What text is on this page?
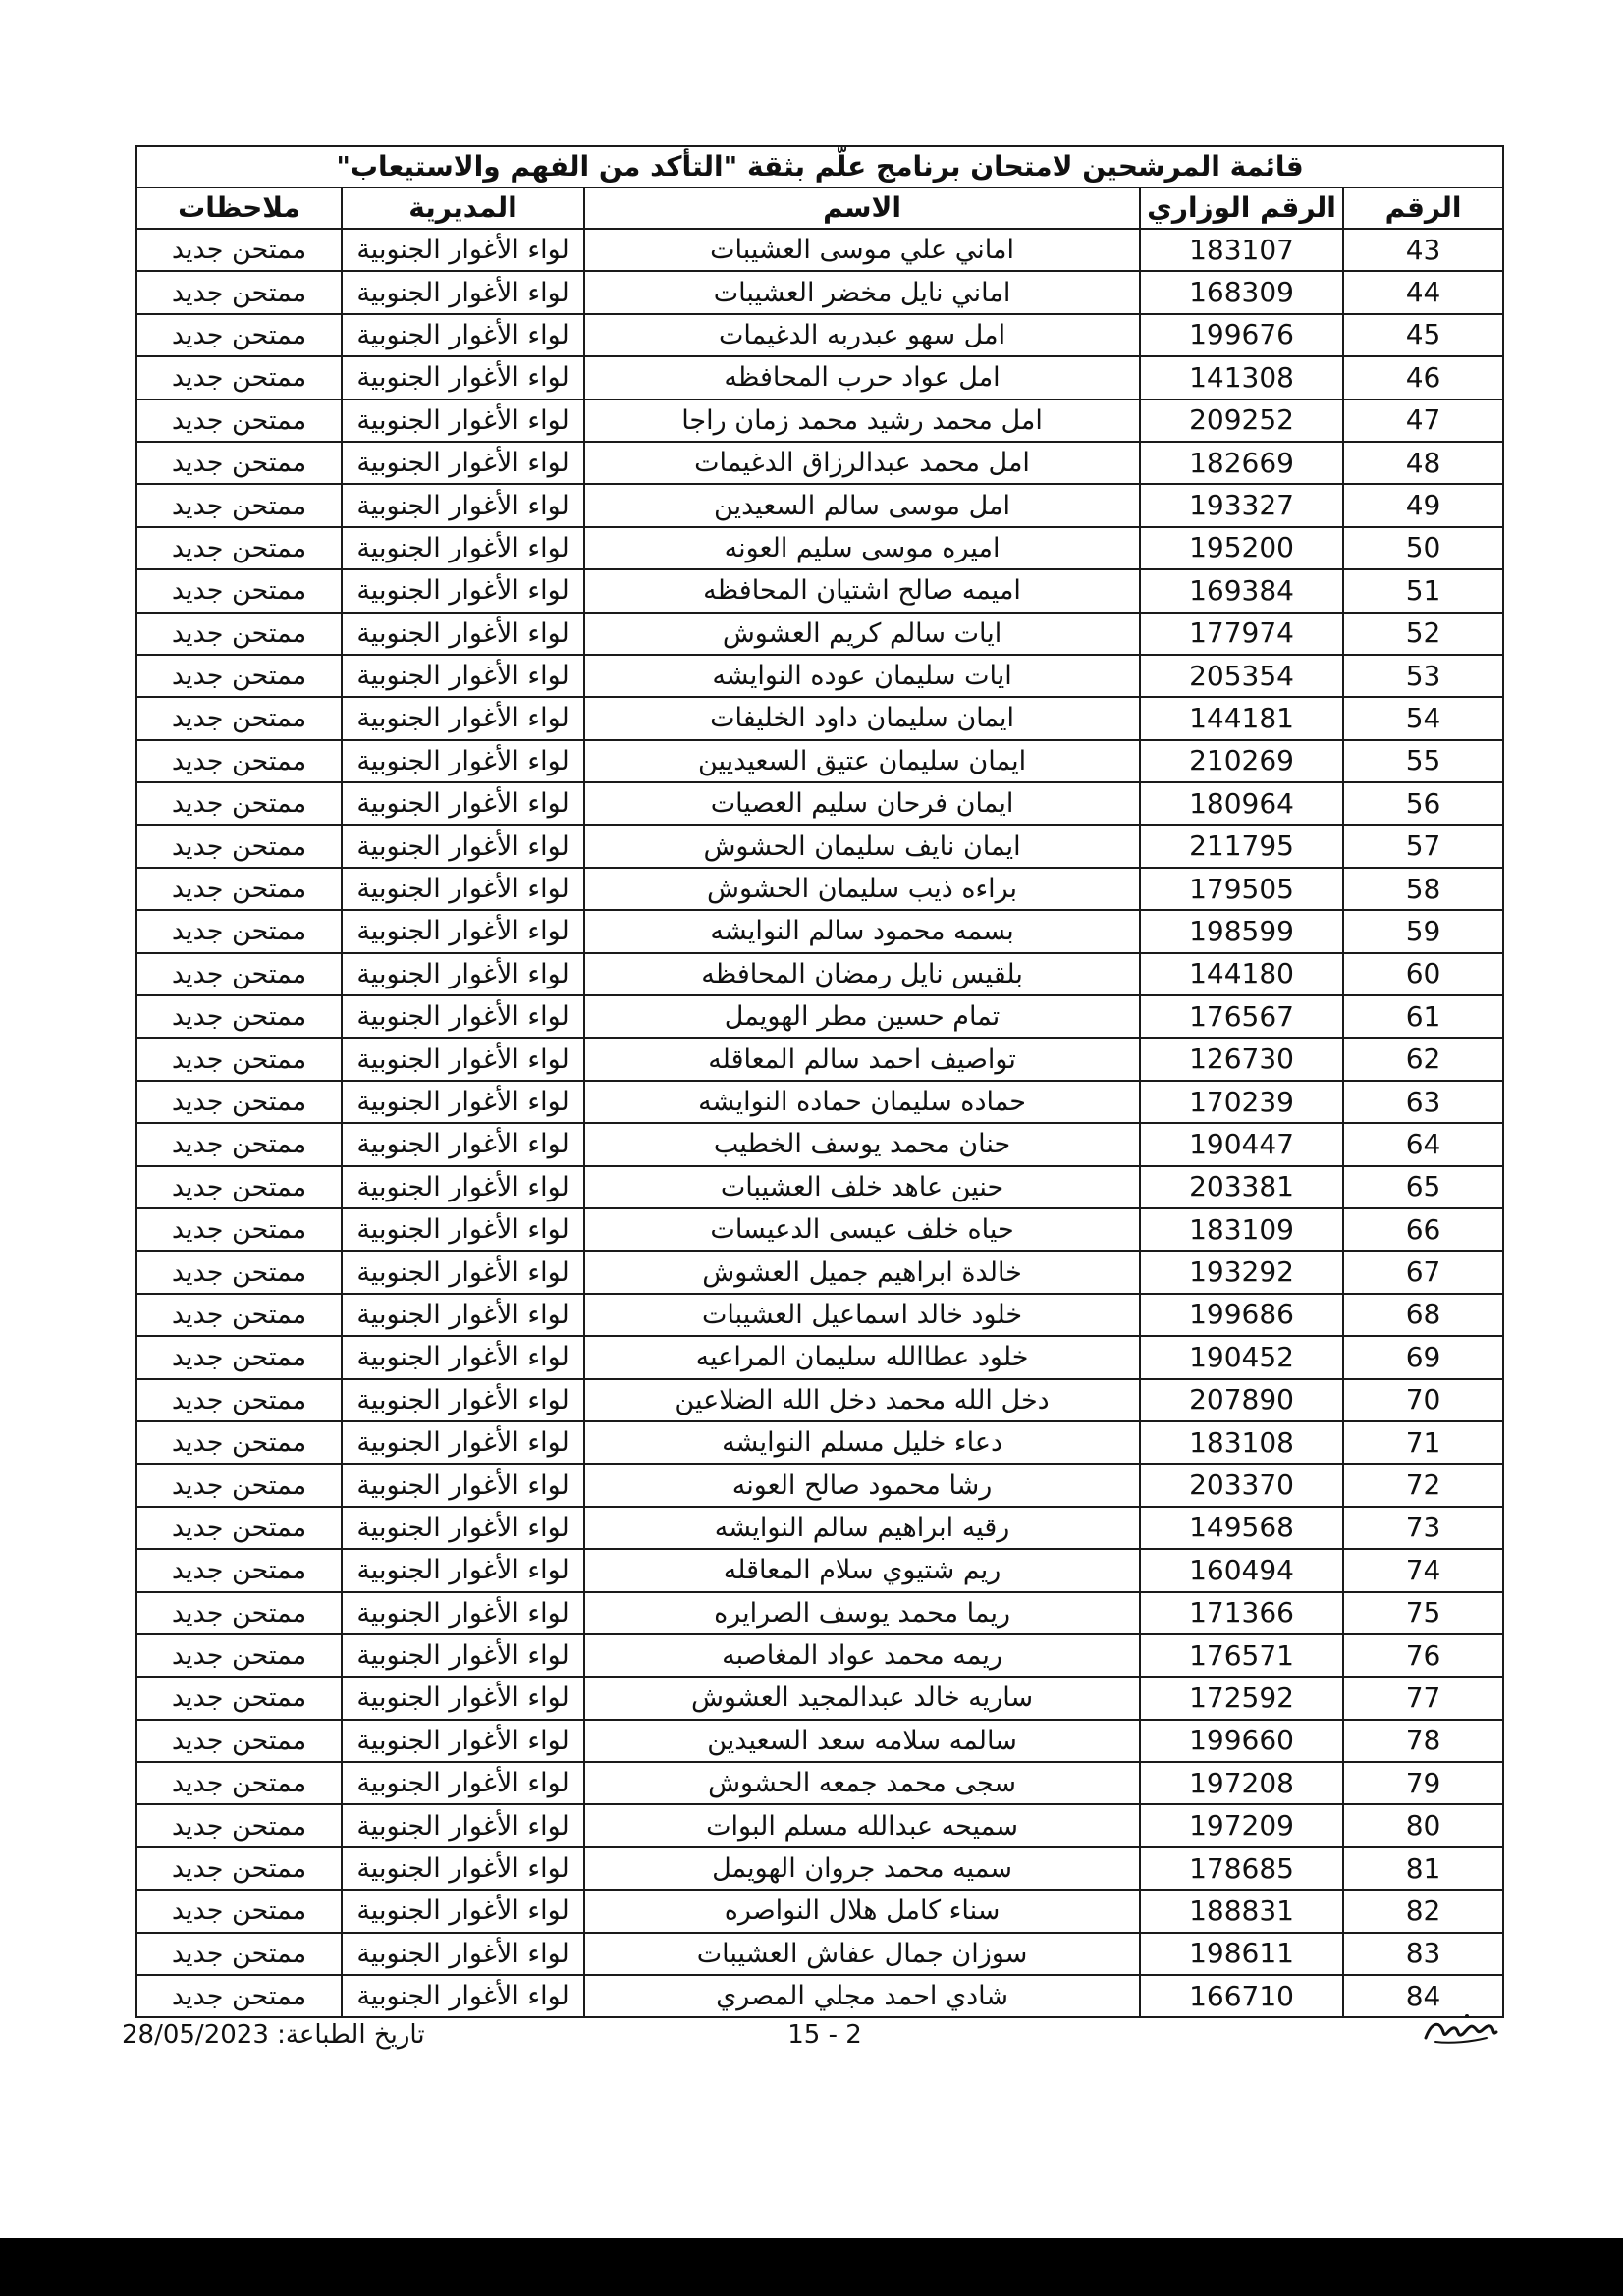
قائمة المرشحين لامتحان برنامج علّم بثقة "التأكد من الفهم والاستيعاب"				
الرقم	الرقم الوزاري	الاسم	المديرية	ملاحظات
43	183107	اماني علي موسى العشيبات	لواء الأغوار الجنوبية	ممتحن جديد
44	168309	اماني نايل مخضر العشيبات	لواء الأغوار الجنوبية	ممتحن جديد
45	199676	امل سهو عبدربه الدغيمات	لواء الأغوار الجنوبية	ممتحن جديد
46	141308	امل عواد حرب المحافظه	لواء الأغوار الجنوبية	ممتحن جديد
47	209252	امل محمد رشيد محمد زمان راجا	لواء الأغوار الجنوبية	ممتحن جديد
48	182669	امل محمد عبدالرزاق الدغيمات	لواء الأغوار الجنوبية	ممتحن جديد
49	193327	امل موسى سالم السعيدين	لواء الأغوار الجنوبية	ممتحن جديد
50	195200	اميره موسى سليم العونه	لواء الأغوار الجنوبية	ممتحن جديد
51	169384	اميمه صالح اشتيان المحافظه	لواء الأغوار الجنوبية	ممتحن جديد
52	177974	ايات سالم كريم العشوش	لواء الأغوار الجنوبية	ممتحن جديد
53	205354	ايات سليمان عوده النوايشه	لواء الأغوار الجنوبية	ممتحن جديد
54	144181	ايمان سليمان داود الخليفات	لواء الأغوار الجنوبية	ممتحن جديد
55	210269	ايمان سليمان عتيق السعيديين	لواء الأغوار الجنوبية	ممتحن جديد
56	180964	ايمان فرحان سليم العصيات	لواء الأغوار الجنوبية	ممتحن جديد
57	211795	ايمان نايف سليمان الحشوش	لواء الأغوار الجنوبية	ممتحن جديد
58	179505	براءه ذيب سليمان الحشوش	لواء الأغوار الجنوبية	ممتحن جديد
59	198599	بسمه محمود سالم النوايشه	لواء الأغوار الجنوبية	ممتحن جديد
60	144180	بلقيس نايل رمضان المحافظه	لواء الأغوار الجنوبية	ممتحن جديد
61	176567	تمام حسين مطر الهويمل	لواء الأغوار الجنوبية	ممتحن جديد
62	126730	تواصيف احمد سالم المعاقله	لواء الأغوار الجنوبية	ممتحن جديد
63	170239	حماده سليمان حماده النوايشه	لواء الأغوار الجنوبية	ممتحن جديد
64	190447	حنان محمد يوسف الخطيب	لواء الأغوار الجنوبية	ممتحن جديد
65	203381	حنين عاهد خلف العشيبات	لواء الأغوار الجنوبية	ممتحن جديد
66	183109	حياه خلف عيسى الدعيسات	لواء الأغوار الجنوبية	ممتحن جديد
67	193292	خالدة ابراهيم جميل العشوش	لواء الأغوار الجنوبية	ممتحن جديد
68	199686	خلود خالد اسماعيل العشيبات	لواء الأغوار الجنوبية	ممتحن جديد
69	190452	خلود عطاالله سليمان المراعيه	لواء الأغوار الجنوبية	ممتحن جديد
70	207890	دخل الله محمد دخل الله الضلاعين	لواء الأغوار الجنوبية	ممتحن جديد
71	183108	دعاء خليل مسلم النوايشه	لواء الأغوار الجنوبية	ممتحن جديد
72	203370	رشا محمود صالح العونه	لواء الأغوار الجنوبية	ممتحن جديد
73	149568	رقيه ابراهيم سالم النوايشه	لواء الأغوار الجنوبية	ممتحن جديد
74	160494	ريم شتيوي سلام المعاقله	لواء الأغوار الجنوبية	ممتحن جديد
75	171366	ريما محمد يوسف الصرايره	لواء الأغوار الجنوبية	ممتحن جديد
76	176571	ريمه محمد عواد المغاصبه	لواء الأغوار الجنوبية	ممتحن جديد
77	172592	ساريه خالد عبدالمجيد العشوش	لواء الأغوار الجنوبية	ممتحن جديد
78	199660	سالمه سلامه سعد السعيدين	لواء الأغوار الجنوبية	ممتحن جديد
79	197208	سجى محمد جمعه الحشوش	لواء الأغوار الجنوبية	ممتحن جديد
80	197209	سميحه عبدالله مسلم البوات	لواء الأغوار الجنوبية	ممتحن جديد
81	178685	سميه محمد جروان الهويمل	لواء الأغوار الجنوبية	ممتحن جديد
82	188831	سناء كامل هلال النواصره	لواء الأغوار الجنوبية	ممتحن جديد
83	198611	سوزان جمال عفاش العشيبات	لواء الأغوار الجنوبية	ممتحن جديد
84	166710	شادي احمد مجلي المصري	لواء الأغوار الجنوبية	ممتحن جديد
15 - 2
تاريخ الطباعة: 28/05/2023
